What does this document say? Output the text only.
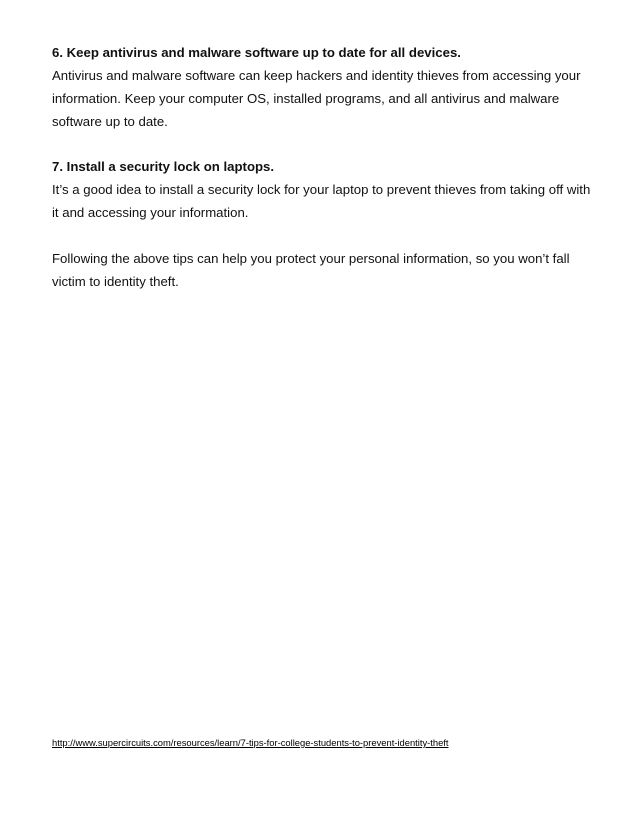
6. Keep antivirus and malware software up to date for all devices.

Antivirus and malware software can keep hackers and identity thieves from accessing your information. Keep your computer OS, installed programs, and all antivirus and malware software up to date.

7. Install a security lock on laptops.

It’s a good idea to install a security lock for your laptop to prevent thieves from taking off with it and accessing your information.

Following the above tips can help you protect your personal information, so you won’t fall victim to identity theft.

http://www.supercircuits.com/resources/learn/7-tips-for-college-students-to-prevent-identity-theft
